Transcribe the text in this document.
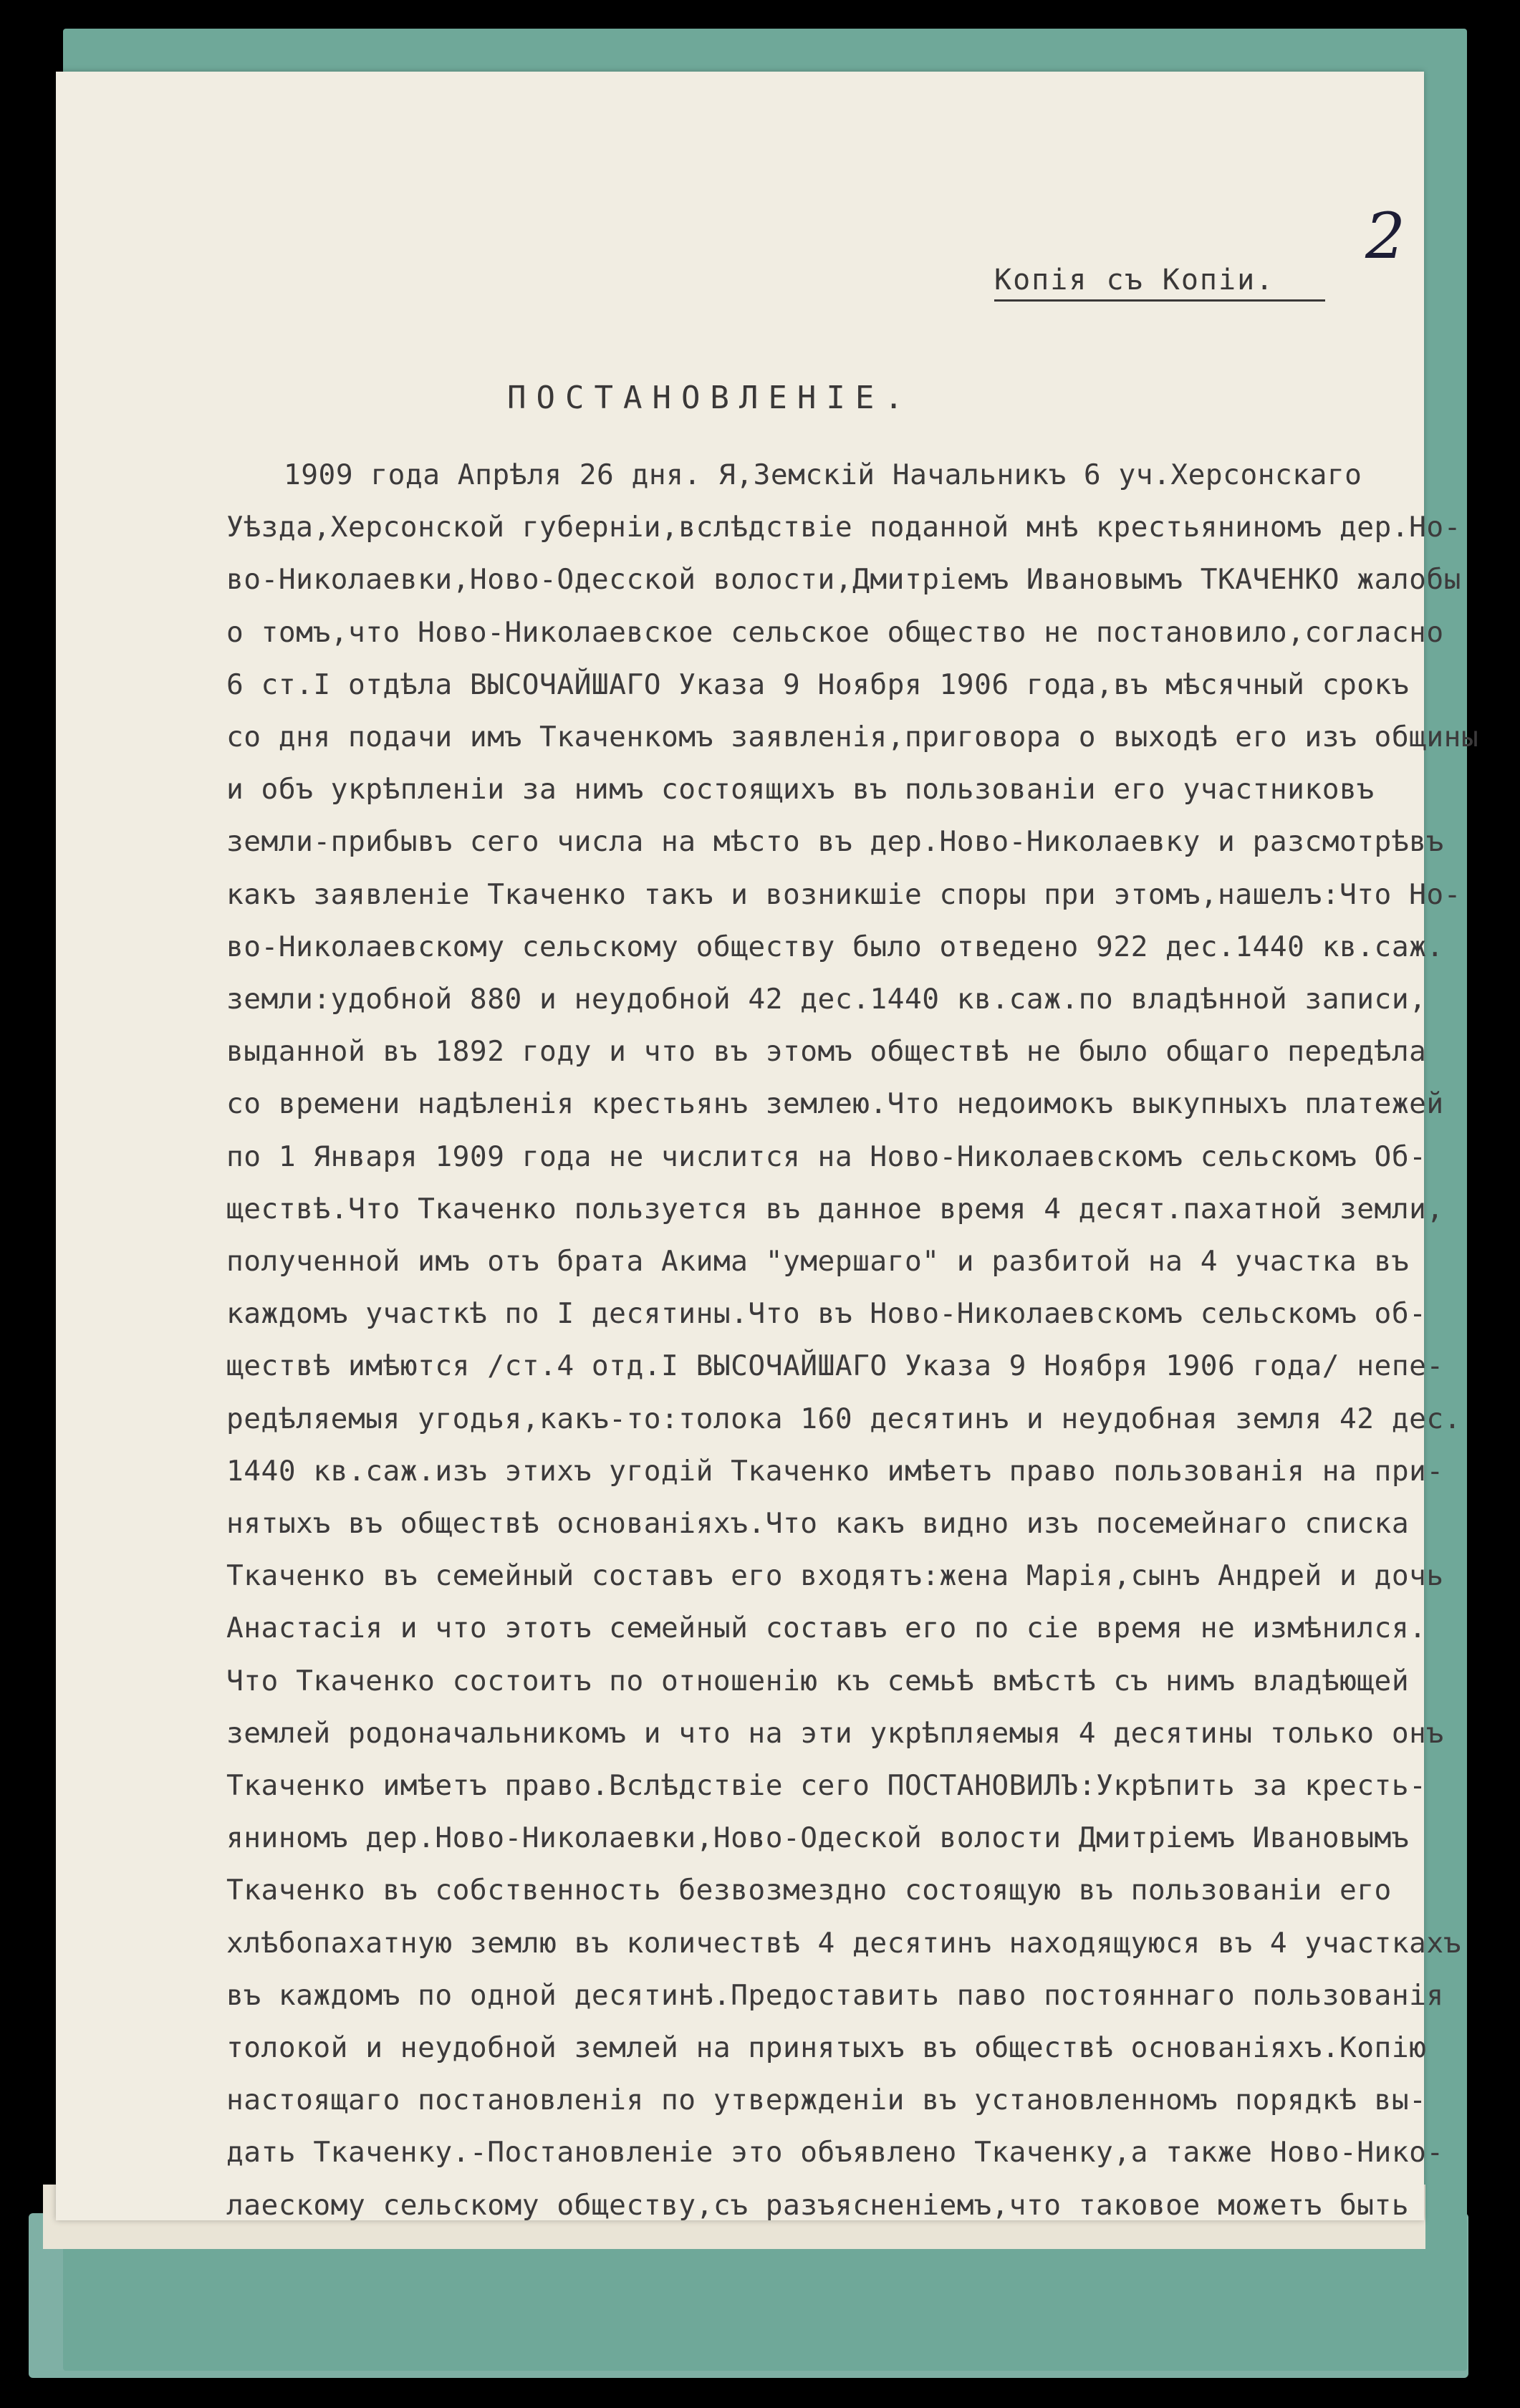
2
Копія съ Копіи.
ПОСТАНОВЛЕНІЕ.
1909 года Апрѣля 26 дня. Я,Земскій Начальникъ 6 уч.Херсонскаго
Уѣзда,Херсонской губерніи,вслѣдствіе поданной мнѣ крестьяниномъ дер.Но-
во-Николаевки,Ново-Одесской волости,Дмитріемъ Ивановымъ ТКАЧЕНКО жалобы
о томъ,что Ново-Николаевское сельское общество не постановило,согласно
6 ст.I отдѣла ВЫСОЧАЙШАГО Указа 9 Ноября 1906 года,въ мѣсячный срокъ
со дня подачи имъ Ткаченкомъ заявленія,приговора о выходѣ его изъ общины
и объ укрѣпленіи за нимъ состоящихъ въ пользованіи его участниковъ
земли-прибывъ сего числа на мѣсто въ дер.Ново-Николаевку и разсмотрѣвъ
какъ заявленіе Ткаченко такъ и возникшіе споры при этомъ,нашелъ:Что Но-
во-Николаевскому сельскому обществу было отведено 922 дес.1440 кв.саж.
земли:удобной 880 и неудобной 42 дес.1440 кв.саж.по владѣнной записи,
выданной въ 1892 году и что въ этомъ обществѣ не было общаго передѣла
со времени надѣленія крестьянъ землею.Что недоимокъ выкупныхъ платежей
по 1 Января 1909 года не числится на Ново-Николаевскомъ сельскомъ Об-
ществѣ.Что Ткаченко пользуется въ данное время 4 десят.пахатной земли,
полученной имъ отъ брата Акима "умершаго" и разбитой на 4 участка въ
каждомъ участкѣ по I десятины.Что въ Ново-Николаевскомъ сельскомъ об-
ществѣ имѣются /ст.4 отд.I ВЫСОЧАЙШАГО Указа 9 Ноября 1906 года/ непе-
редѣляемыя угодья,какъ-то:толока 160 десятинъ и неудобная земля 42 дес.
1440 кв.саж.изъ этихъ угодій Ткаченко имѣетъ право пользованія на при-
нятыхъ въ обществѣ основаніяхъ.Что какъ видно изъ посемейнаго списка
Ткаченко въ семейный составъ его входятъ:жена Марія,сынъ Андрей и дочь
Анастасія и что этотъ семейный составъ его по сіе время не измѣнился.
Что Ткаченко состоитъ по отношенію къ семьѣ вмѣстѣ съ нимъ владѣющей
землей родоначальникомъ и что на эти укрѣпляемыя 4 десятины только онъ
Ткаченко имѣетъ право.Вслѣдствіе сего ПОСТАНОВИЛЪ:Укрѣпить за кресть-
яниномъ дер.Ново-Николаевки,Ново-Одеской волости Дмитріемъ Ивановымъ
Ткаченко въ собственность безвозмездно состоящую въ пользованіи его
хлѣбопахатную землю въ количествѣ 4 десятинъ находящуюся въ 4 участкахъ
въ каждомъ по одной десятинѣ.Предоставить паво постояннаго пользованія
толокой и неудобной землей на принятыхъ въ обществѣ основаніяхъ.Копію
настоящаго постановленія по утвержденіи въ установленномъ порядкѣ вы-
дать Ткаченку.-Постановленіе это объявлено Ткаченку,а также Ново-Нико-
лаескому сельскому обществу,съ разъясненіемъ,что таковое можетъ быть
